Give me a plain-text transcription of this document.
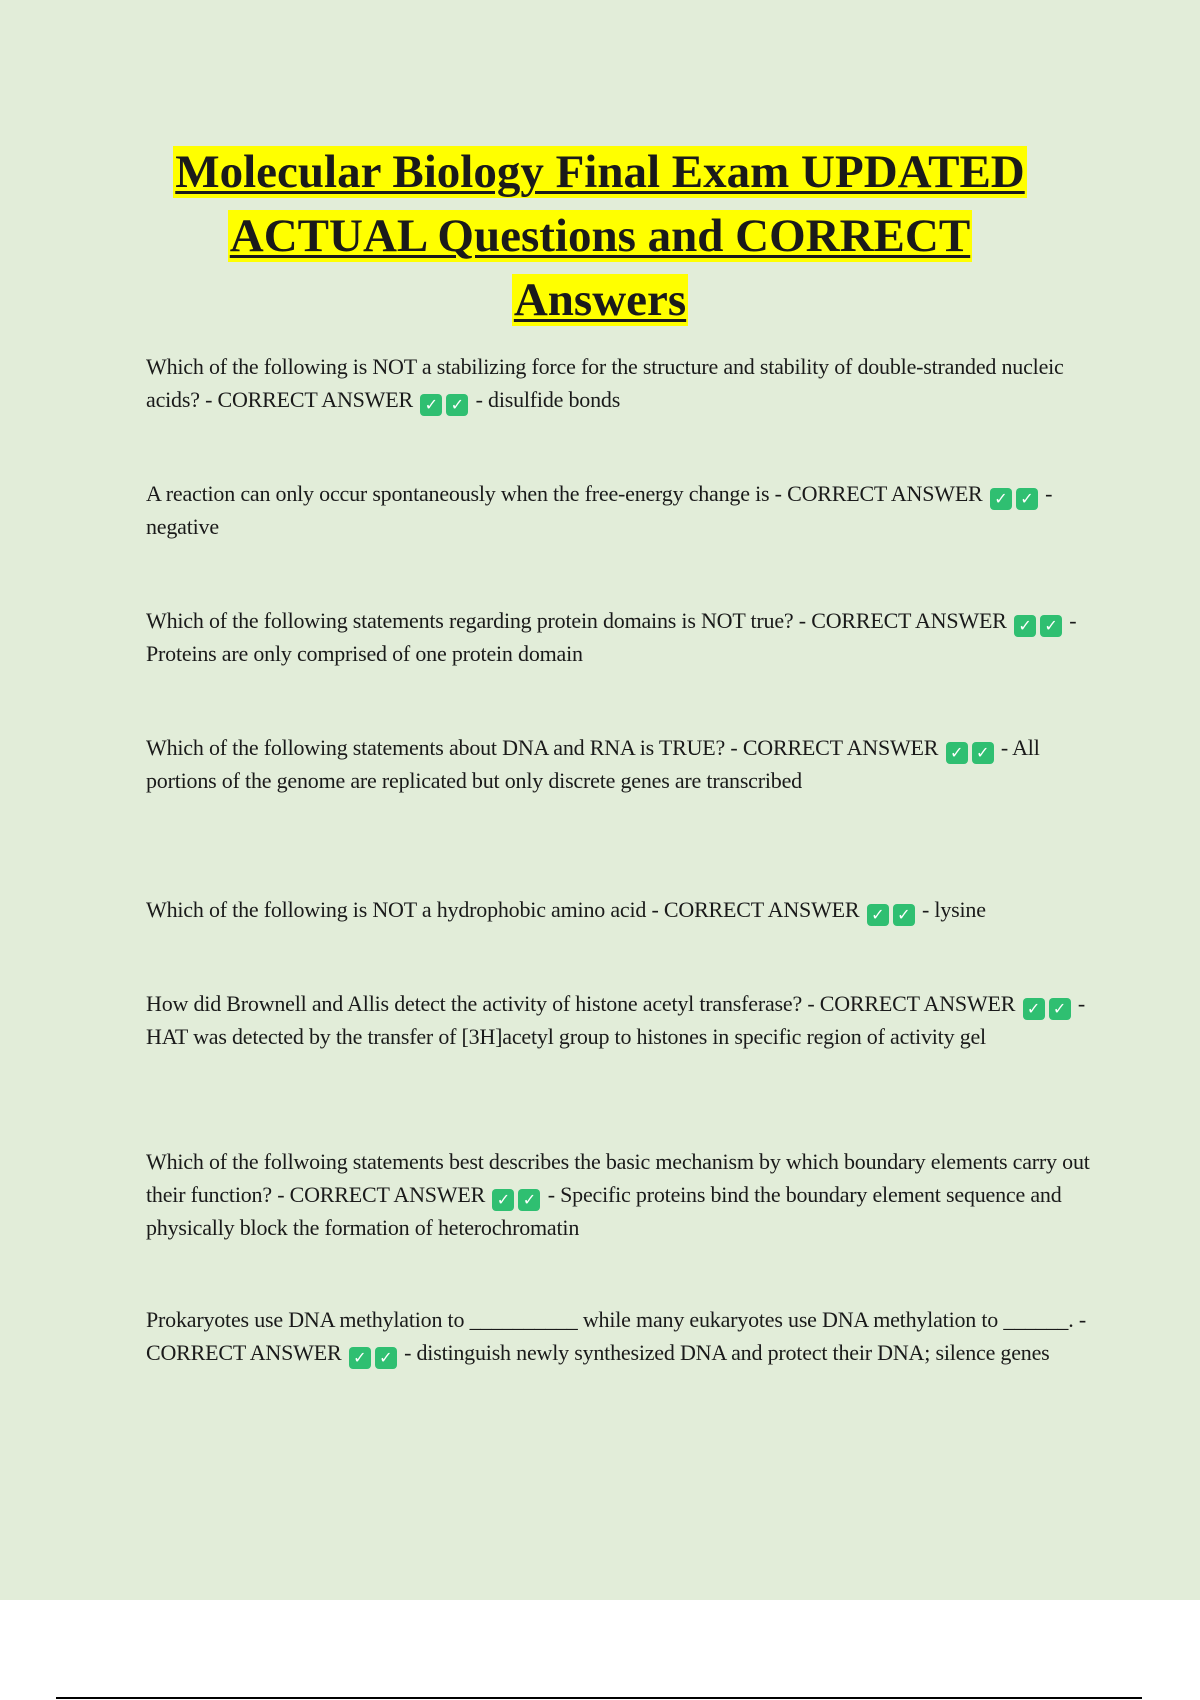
Molecular Biology Final Exam UPDATED
ACTUAL Questions and CORRECT
Answers
Which of the following is NOT a stabilizing force for the structure and stability of double-stranded nucleic acids? - CORRECT ANSWER ✓ ✓ - disulfide bonds
A reaction can only occur spontaneously when the free-energy change is - CORRECT ANSWER ✓ ✓ - negative
Which of the following statements regarding protein domains is NOT true? - CORRECT ANSWER ✓ ✓ - Proteins are only comprised of one protein domain
Which of the following statements about DNA and RNA is TRUE? - CORRECT ANSWER ✓ ✓ - All portions of the genome are replicated but only discrete genes are transcribed
Which of the following is NOT a hydrophobic amino acid - CORRECT ANSWER ✓ ✓ - lysine
How did Brownell and Allis detect the activity of histone acetyl transferase? - CORRECT ANSWER ✓ ✓ - HAT was detected by the transfer of [3H]acetyl group to histones in specific region of activity gel
Which of the follwoing statements best describes the basic mechanism by which boundary elements carry out their function? - CORRECT ANSWER ✓ ✓ - Specific proteins bind the boundary element sequence and physically block the formation of heterochromatin
Prokaryotes use DNA methylation to __________ while many eukaryotes use DNA methylation to ______. - CORRECT ANSWER ✓ ✓ - distinguish newly synthesized DNA and protect their DNA; silence genes
